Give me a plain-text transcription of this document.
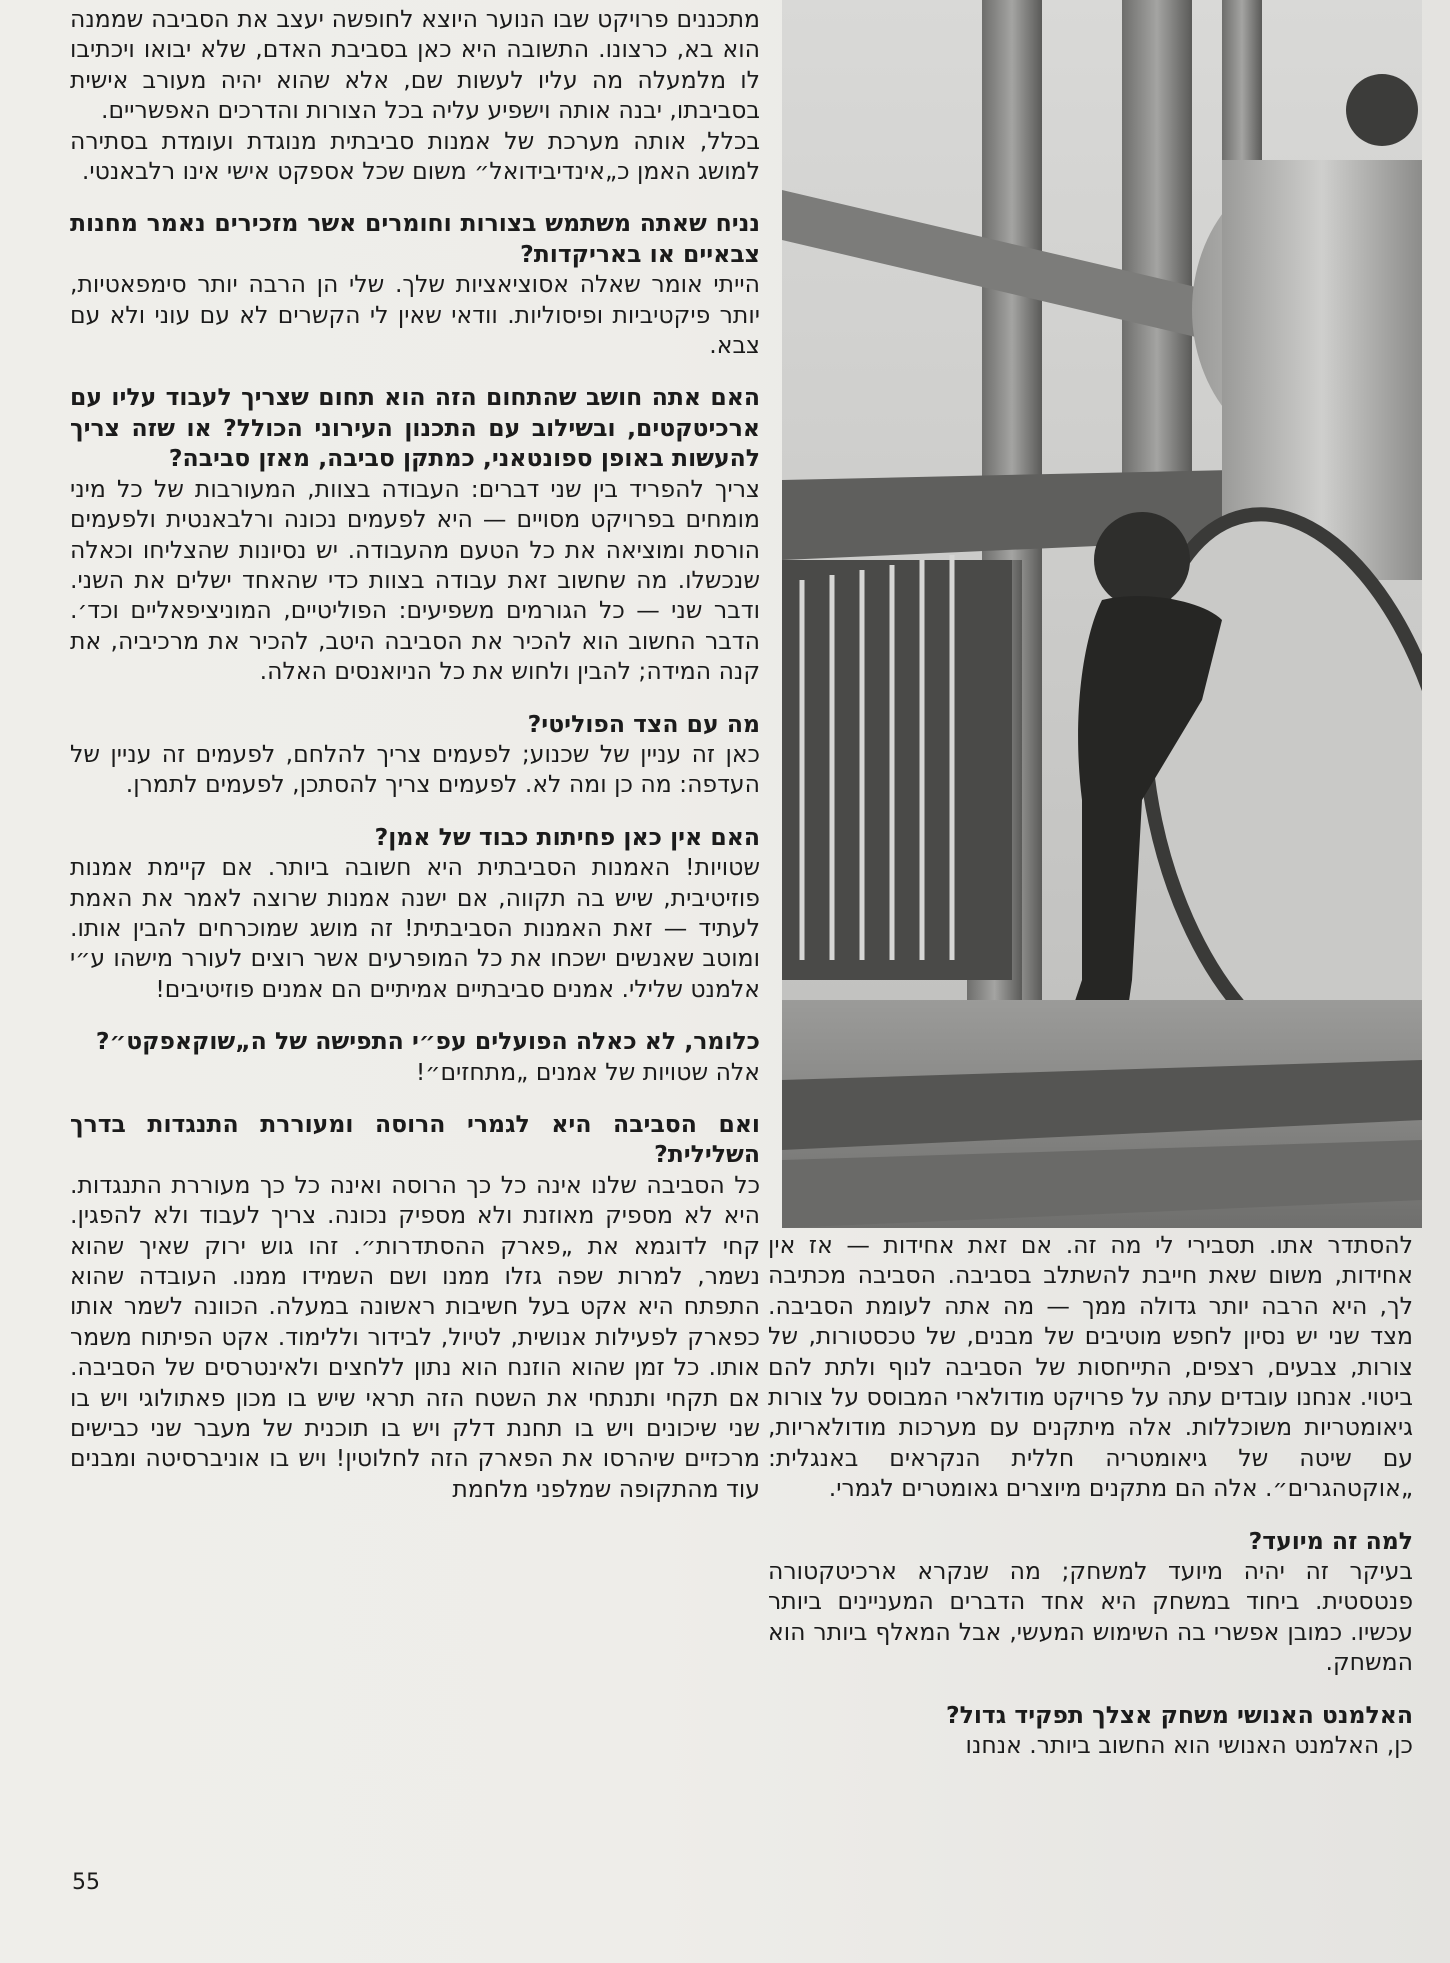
מתכננים פרויקט שבו הנוער היוצא לחופשה יעצב את הסביבה שממנה הוא בא, כרצונו. התשובה היא כאן בסביבת האדם, שלא יבואו ויכתיבו לו מלמעלה מה עליו לעשות שם, אלא שהוא יהיה מעורב אישית בסביבתו, יבנה אותה וישפיע עליה בכל הצורות והדרכים האפשריים.

בכלל, אותה מערכת של אמנות סביבתית מנוגדת ועומדת בסתירה למושג האמן כ„אינדיבידואל״ משום שכל אספקט אישי אינו רלבאנטי.

נניח שאתה משתמש בצורות וחומרים אשר מזכירים נאמר מחנות צבאיים או באריקדות?

הייתי אומר שאלה אסוציאציות שלך. שלי הן הרבה יותר סימפאטיות, יותר פיקטיביות ופיסוליות. וודאי שאין לי הקשרים לא עם עוני ולא עם צבא.

האם אתה חושב שהתחום הזה הוא תחום שצריך לעבוד עליו עם ארכיטקטים, ובשילוב עם התכנון העירוני הכולל? או שזה צריך להעשות באופן ספונטאני, כמתקן סביבה, מאזן סביבה?

צריך להפריד בין שני דברים: העבודה בצוות, המעורבות של כל מיני מומחים בפרויקט מסויים — היא לפעמים נכונה ורלבאנטית ולפעמים הורסת ומוציאה את כל הטעם מהעבודה. יש נסיונות שהצליחו וכאלה שנכשלו. מה שחשוב זאת עבודה בצוות כדי שהאחד ישלים את השני. ודבר שני — כל הגורמים משפיעים: הפוליטיים, המוניציפאליים וכד׳. הדבר החשוב הוא להכיר את הסביבה היטב, להכיר את מרכיביה, את קנה המידה; להבין ולחוש את כל הניואנסים האלה.

מה עם הצד הפוליטי?

כאן זה עניין של שכנוע; לפעמים צריך להלחם, לפעמים זה עניין של העדפה: מה כן ומה לא. לפעמים צריך להסתכן, לפעמים לתמרן.

האם אין כאן פחיתות כבוד של אמן?

שטויות! האמנות הסביבתית היא חשובה ביותר. אם קיימת אמנות פוזיטיבית, שיש בה תקווה, אם ישנה אמנות שרוצה לאמר את האמת לעתיד — זאת האמנות הסביבתית! זה מושג שמוכרחים להבין אותו. ומוטב שאנשים ישכחו את כל המופרעים אשר רוצים לעורר מישהו ע״י אלמנט שלילי. אמנים סביבתיים אמיתיים הם אמנים פוזיטיבים!

כלומר, לא כאלה הפועלים עפ״י התפישה של ה„שוקאפקט״?

אלה שטויות של אמנים „מתחזים״!

ואם הסביבה היא לגמרי הרוסה ומעוררת התנגדות בדרך השלילית?

כל הסביבה שלנו אינה כל כך הרוסה ואינה כל כך מעוררת התנגדות. היא לא מספיק מאוזנת ולא מספיק נכונה. צריך לעבוד ולא להפגין. קחי לדוגמא את „פארק ההסתדרות״. זהו גוש ירוק שאיך שהוא נשמר, למרות שפה גזלו ממנו ושם השמידו ממנו. העובדה שהוא התפתח היא אקט בעל חשיבות ראשונה במעלה. הכוונה לשמר אותו כפארק לפעילות אנושית, לטיול, לבידור וללימוד. אקט הפיתוח משמר אותו. כל זמן שהוא הוזנח הוא נתון ללחצים ולאינטרסים של הסביבה. אם תקחי ותנתחי את השטח הזה תראי שיש בו מכון פאתולוגי ויש בו שני שיכונים ויש בו תחנת דלק ויש בו תוכנית של מעבר שני כבישים מרכזיים שיהרסו את הפארק הזה לחלוטין! ויש בו אוניברסיטה ומבנים עוד מהתקופה שמלפני מלחמת

להסתדר אתו. תסבירי לי מה זה. אם זאת אחידות — אז אין אחידות, משום שאת חייבת להשתלב בסביבה. הסביבה מכתיבה לך, היא הרבה יותר גדולה ממך — מה אתה לעומת הסביבה. מצד שני יש נסיון לחפש מוטיבים של מבנים, של טכסטורות, של צורות, צבעים, רצפים, התייחסות של הסביבה לנוף ולתת להם ביטוי. אנחנו עובדים עתה על פרויקט מודולארי המבוסס על צורות גיאומטריות משוכללות. אלה מיתקנים עם מערכות מודולאריות, עם שיטה של גיאומטריה חללית הנקראים באנגלית: „אוקטהגרים״. אלה הם מתקנים מיוצרים גאומטרים לגמרי.

למה זה מיועד?

בעיקר זה יהיה מיועד למשחק; מה שנקרא ארכיטקטורה פנטסטית. ביחוד במשחק היא אחד הדברים המעניינים ביותר עכשיו. כמובן אפשרי בה השימוש המעשי, אבל המאלף ביותר הוא המשחק.

האלמנט האנושי משחק אצלך תפקיד גדול?

כן, האלמנט האנושי הוא החשוב ביותר. אנחנו

55
